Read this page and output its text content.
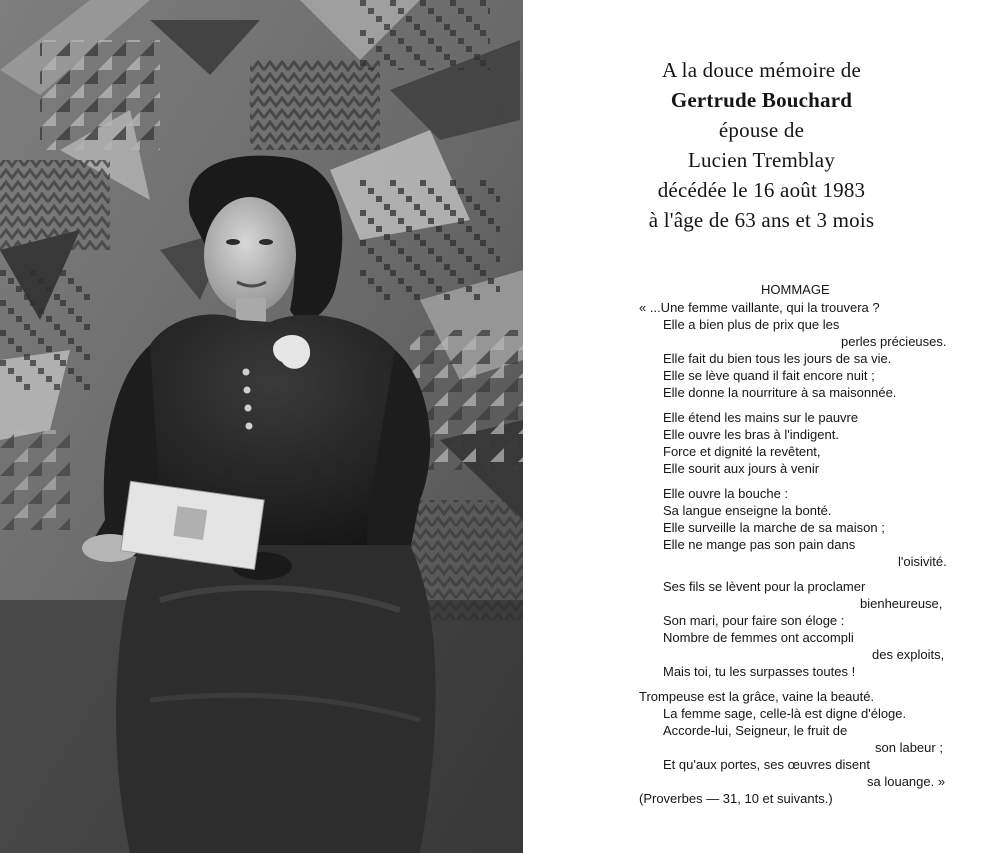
A la douce mémoire de
Gertrude Bouchard
épouse de
Lucien Tremblay
décédée le 16 août 1983
à l'âge de 63 ans et 3 mois
HOMMAGE
« ...Une femme vaillante, qui la trouvera ?
Elle a bien plus de prix que les
perles précieuses.
Elle fait du bien tous les jours de sa vie.
Elle se lève quand il fait encore nuit ;
Elle donne la nourriture à sa maisonnée.
Elle étend les mains sur le pauvre
Elle ouvre les bras à l'indigent.
Force et dignité la revêtent,
Elle sourit aux jours à venir
Elle ouvre la bouche :
Sa langue enseigne la bonté.
Elle surveille la marche de sa maison ;
Elle ne mange pas son pain dans
l'oisivité.
Ses fils se lèvent pour la proclamer
bienheureuse,
Son mari, pour faire son éloge :
Nombre de femmes ont accompli
des exploits,
Mais toi, tu les surpasses toutes !
Trompeuse est la grâce, vaine la beauté.
La femme sage, celle-là est digne d'éloge.
Accorde-lui, Seigneur, le fruit de
son labeur ;
Et qu'aux portes, ses œuvres disent
sa louange. »
(Proverbes — 31, 10 et suivants.)
